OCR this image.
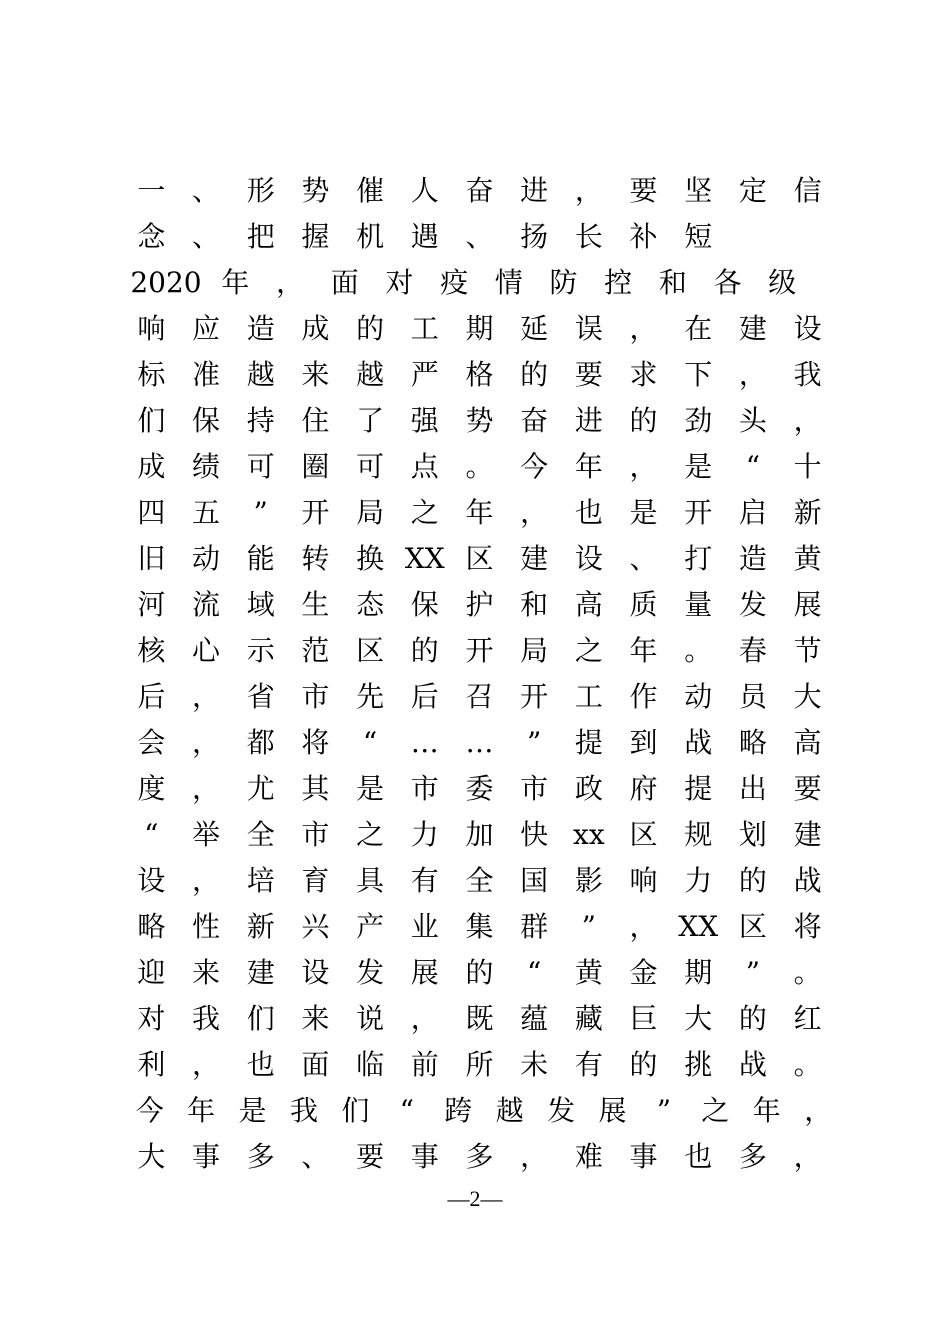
一 、 形 势 催 人 奋 进 ， 要 坚 定 信
念 、 把 握 机 遇 、 扬 长 补 短
2020 年 ， 面 对 疫 情 防 控 和 各 级
响 应 造 成 的 工 期 延 误 ， 在 建 设
标 准 越 来 越 严 格 的 要 求 下 ， 我
们 保 持 住 了 强 势 奋 进 的 劲 头 ，
成 绩 可 圈 可 点 。 今 年 ， 是	“	十
四 五	”	开 局 之 年 ， 也 是 开 启 新
旧 动 能 转 换 XX 区 建 设 、 打 造 黄
河 流 域 生 态 保 护 和 高 质 量 发 展
核 心 示 范 区 的 开 局 之 年 。 春 节
后 ， 省 市 先 后 召 开 工 作 动 员 大
会 ， 都 将	“	… …	”	提 到 战 略 高
度 ， 尤 其 是 市 委 市 政 府 提 出 要
“	举 全 市 之 力 加 快 xx 区 规 划 建
设 ， 培 育 具 有 全 国 影 响 力 的 战
略 性 新 兴 产 业 集 群	”	， XX 区 将
迎 来 建 设 发 展 的	“	黄 金 期	”	。
对 我 们 来 说 ， 既 蕴 藏 巨 大 的 红
利 ， 也 面 临 前 所 未 有 的 挑 战 。
今 年 是 我 们	“	跨 越 发 展	”	之 年 ，
大 事 多 、 要 事 多 ， 难 事 也 多 ，
—2—
